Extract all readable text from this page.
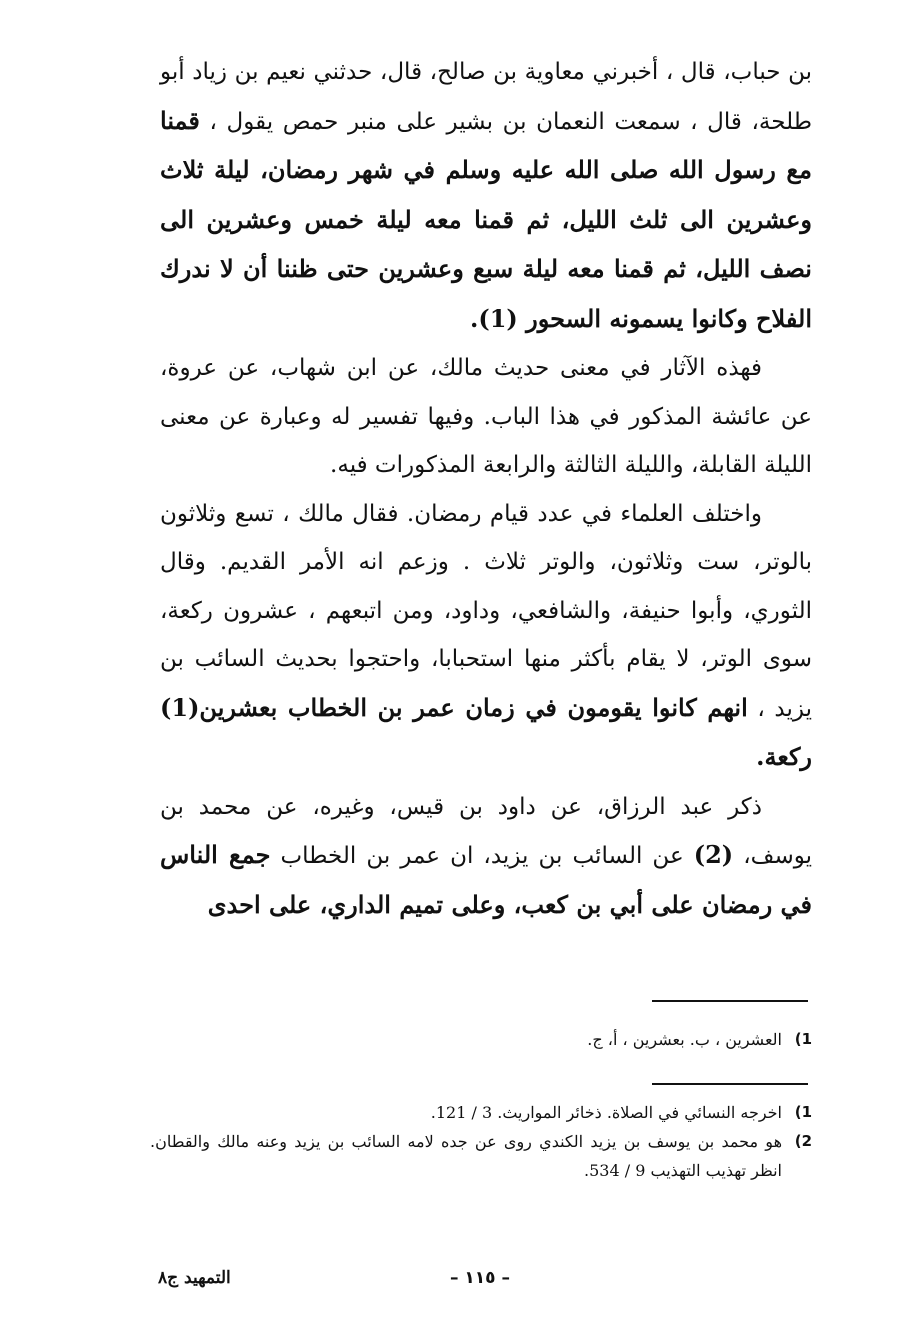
بن حباب، قال ، أخبرني معاوية بن صالح، قال، حدثني نعيم بن زياد أبو طلحة، قال ، سمعت النعمان بن بشير على منبر حمص يقول ، قمنا مع رسول الله صلى الله عليه وسلم في شهر رمضان، ليلة ثلاث وعشرين الى ثلث الليل، ثم قمنا معه ليلة خمس وعشرين الى نصف الليل، ثم قمنا معه ليلة سبع وعشرين حتى ظننا أن لا ندرك الفلاح وكانوا يسمونه السحور (1).

فهذه الآثار في معنى حديث مالك، عن ابن شهاب، عن عروة، عن عائشة المذكور في هذا الباب. وفيها تفسير له وعبارة عن معنى الليلة القابلة، والليلة الثالثة والرابعة المذكورات فيه.

واختلف العلماء في عدد قيام رمضان. فقال مالك ، تسع وثلاثون بالوتر، ست وثلاثون، والوتر ثلاث . وزعم انه الأمر القديم. وقال الثوري، وأبوا حنيفة، والشافعي، وداود، ومن اتبعهم ، عشرون ركعة، سوى الوتر، لا يقام بأكثر منها استحبابا، واحتجوا بحديث السائب بن يزيد ، انهم كانوا يقومون في زمان عمر بن الخطاب بعشرين(1) ركعة.

ذكر عبد الرزاق، عن داود بن قيس، وغيره، عن محمد بن يوسف، (2) عن السائب بن يزيد، ان عمر بن الخطاب جمع الناس في رمضان على أبي بن كعب، وعلى تميم الداري، على احدى

1)
العشرين ، ب. بعشرين ، أ، ج.
1)
اخرجه النسائي في الصلاة. ذخائر المواريث. 3 / 121.
2)
هو محمد بن يوسف بن يزيد الكندي روى عن جده لامه السائب بن يزيد وعنه مالك والقطان. انظر تهذيب التهذيب 9 / 534.
التمهيد ج٨	– ١١٥ –
